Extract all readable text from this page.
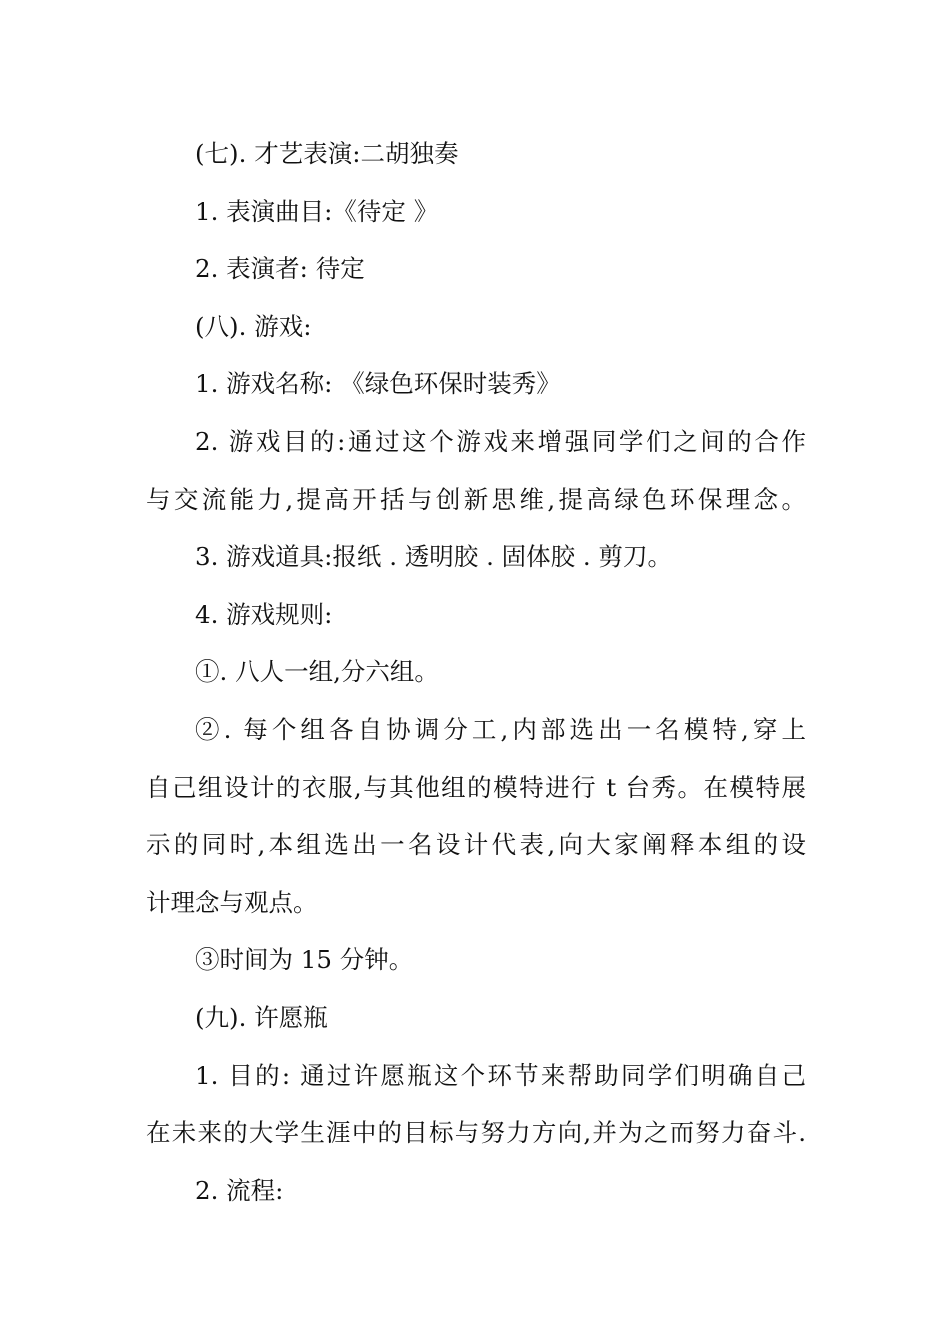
(七). 才艺表演:二胡独奏
1. 表演曲目:《待定 》
2. 表演者: 待定
(八). 游戏:
1. 游戏名称: 《绿色环保时装秀》
2. 游戏目的:通过这个游戏来增强同学们之间的合作
与交流能力,提高开括与创新思维,提高绿色环保理念。
3. 游戏道具:报纸 . 透明胶 . 固体胶 . 剪刀。
4. 游戏规则:
①. 八人一组,分六组。
②. 每个组各自协调分工,内部选出一名模特,穿上
自己组设计的衣服,与其他组的模特进行 t 台秀。在模特展
示的同时,本组选出一名设计代表,向大家阐释本组的设
计理念与观点。
③时间为 15 分钟。
(九). 许愿瓶
1. 目的: 通过许愿瓶这个环节来帮助同学们明确自己
在未来的大学生涯中的目标与努力方向,并为之而努力奋斗.
2. 流程:
